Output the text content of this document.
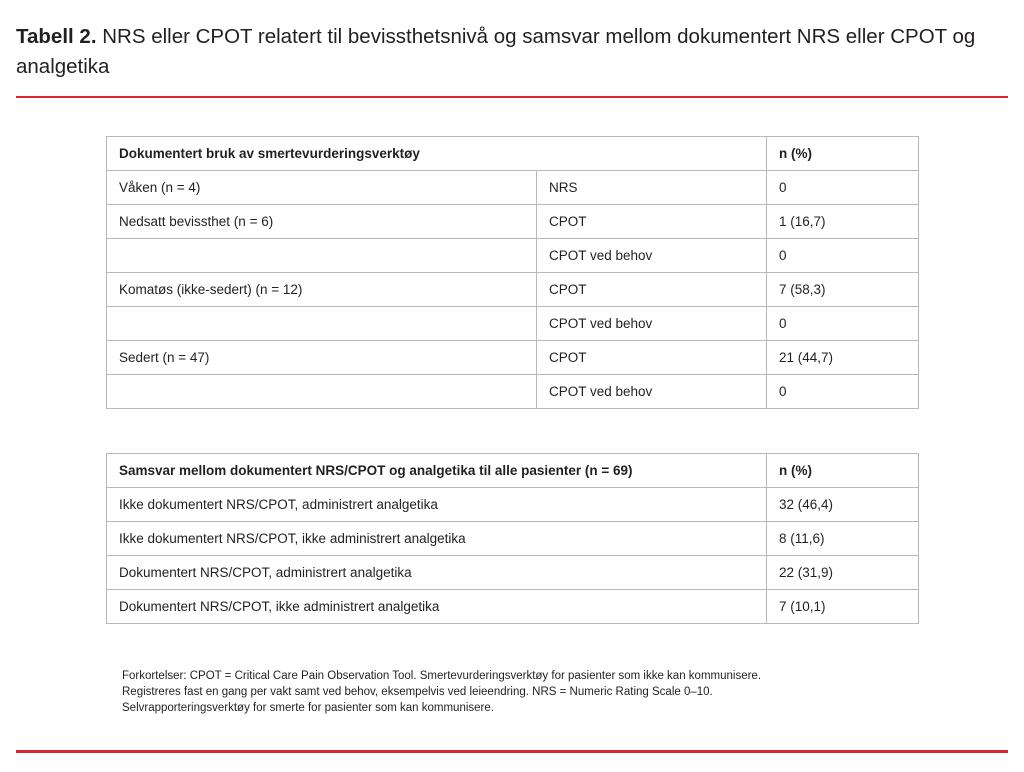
Tabell 2. NRS eller CPOT relatert til bevissthetsnivå og samsvar mellom dokumentert NRS eller CPOT og analgetika
Dokumentert bruk av smertevurderingsverktøy		n (%)
Våken (n = 4)	NRS	0
Nedsatt bevissthet (n = 6)	CPOT	1 (16,7)
	CPOT ved behov	0
Komatøs (ikke-sedert) (n = 12)	CPOT	7 (58,3)
	CPOT ved behov	0
Sedert (n = 47)	CPOT	21 (44,7)
	CPOT ved behov	0
Samsvar mellom dokumentert NRS/CPOT og analgetika til alle pasienter (n = 69)	n (%)
Ikke dokumentert NRS/CPOT, administrert analgetika	32 (46,4)
Ikke dokumentert NRS/CPOT, ikke administrert analgetika	8 (11,6)
Dokumentert NRS/CPOT, administrert analgetika	22 (31,9)
Dokumentert NRS/CPOT, ikke administrert analgetika	7 (10,1)
Forkortelser: CPOT = Critical Care Pain Observation Tool. Smertevurderingsverktøy for pasienter som ikke kan kommunisere.
Registreres fast en gang per vakt samt ved behov, eksempelvis ved leieendring. NRS = Numeric Rating Scale 0–10.
Selvrapporteringsverktøy for smerte for pasienter som kan kommunisere.
